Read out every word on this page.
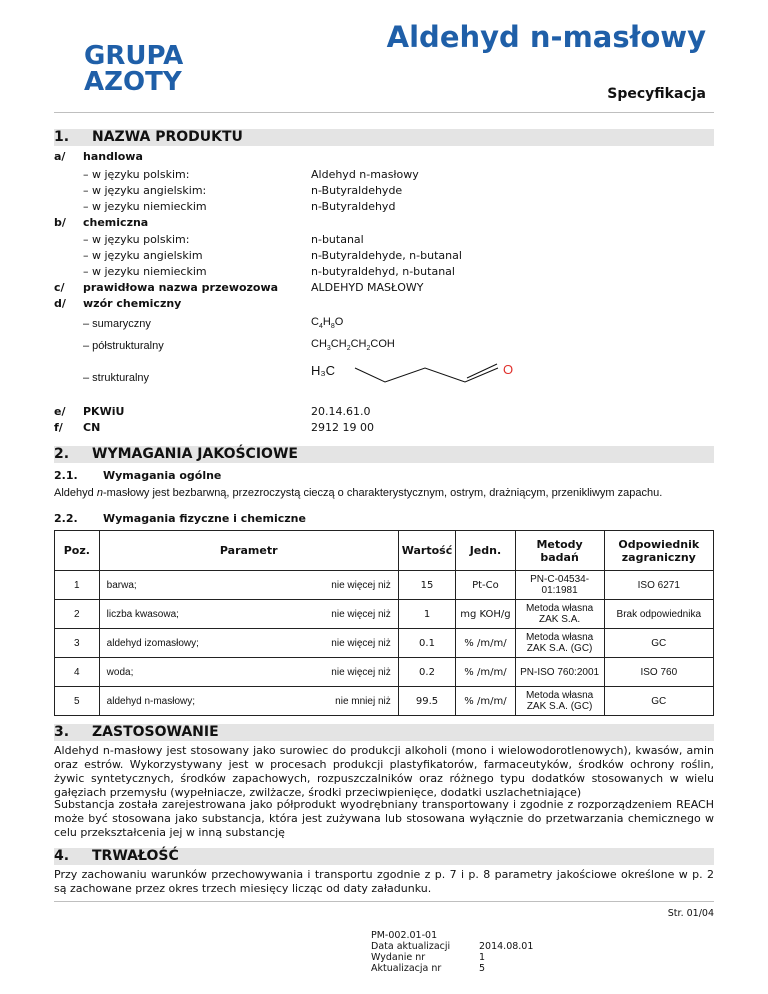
GRUPA
AZOTY
Aldehyd n-masłowy
Specyfikacja
1. NAZWA PRODUKTU
a/ handlowa
– w języku polskim:	Aldehyd n-masłowy
– w języku angielskim:	n-Butyraldehyde
– w jezyku niemieckim	n-Butyraldehyd
b/ chemiczna
– w języku polskim:	n-butanal
– w języku angielskim	n-Butyraldehyde, n-butanal
– w jezyku niemieckim	n-butyraldehyd, n-butanal
c/ prawidłowa nazwa przewozowa	ALDEHYD MASŁOWY
d/ wzór chemiczny
– sumaryczny	$C_4H_8O$
– półstrukturalny	$CH_3CH_2CH_2COH$
– strukturalny	H₃C	O
e/ PKWiU	20.14.61.0
f/ CN	2912 19 00
2. WYMAGANIA JAKOŚCIOWE
2.1. Wymagania ogólne
Aldehyd n-masłowy jest bezbarwną, przezroczystą cieczą o charakterystycznym, ostrym, drażniącym, przenikliwym zapachu.
2.2. Wymagania fizyczne i chemiczne
Poz.	Parametr	Wartość	Jedn.	Metody badań	Odpowiednik zagraniczny
1	barwa; nie więcej niż	15	Pt-Co	PN-C-04534-01:1981	ISO 6271
2	liczba kwasowa; nie więcej niż	1	mg KOH/g	Metoda własna ZAK S.A.	Brak odpowiednika
3	aldehyd izomasłowy; nie więcej niż	0.1	% /m/m/	Metoda własna ZAK S.A. (GC)	GC
4	woda; nie więcej niż	0.2	% /m/m/	PN-ISO 760:2001	ISO 760
5	aldehyd n-masłowy; nie mniej niż	99.5	% /m/m/	Metoda własna ZAK S.A. (GC)	GC
3. ZASTOSOWANIE
Aldehyd n-masłowy jest stosowany jako surowiec do produkcji alkoholi (mono i wielowodorotlenowych), kwasów, amin oraz estrów. Wykorzystywany jest w procesach produkcji plastyfikatorów, farmaceutyków, środków ochrony roślin, żywic syntetycznych, środków zapachowych, rozpuszczalników oraz różnego typu dodatków stosowanych w wielu gałęziach przemysłu (wypełniacze, zwilżacze, środki przeciwpienięce, dodatki uszlachetniające)
Substancja została zarejestrowana jako półprodukt wyodrębniany transportowany i zgodnie z rozporządzeniem REACH może być stosowana jako substancja, która jest zużywana lub stosowana wyłącznie do przetwarzania chemicznego w celu przekształcenia jej w inną substancję
4. TRWAŁOŚĆ
Przy zachowaniu warunków przechowywania i transportu zgodnie z p. 7 i p. 8 parametry jakościowe określone w p. 2 są zachowane przez okres trzech miesięcy licząc od daty załadunku.
PM-002.01-01
Data aktualizacji	2014.08.01
Wydanie nr	1
Aktualizacja nr	5
Str. 01/04
